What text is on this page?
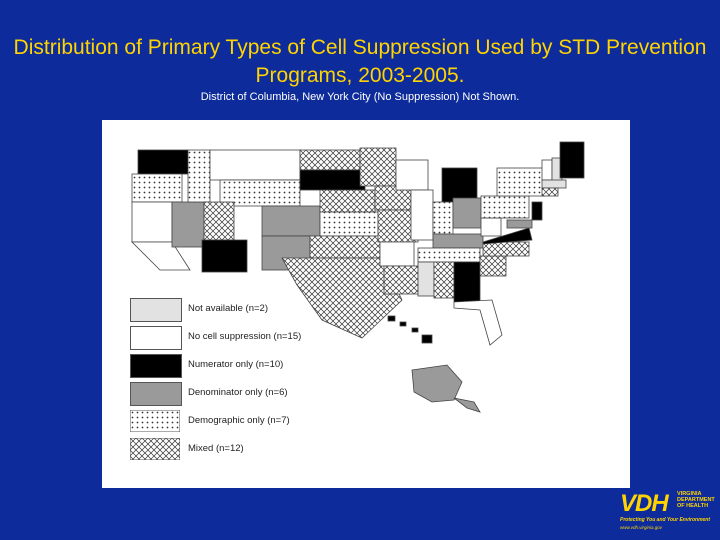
Distribution of Primary Types of Cell Suppression Used by STD Prevention Programs, 2003-2005.
District of Columbia, New York City (No Suppression) Not Shown.
Not available (n=2)
No cell suppression (n=15)
Numerator only (n=10)
Denominator only (n=6)
Demographic only (n=7)
Mixed (n=12)
VDH VIRGINIA DEPARTMENT OF HEALTH
Protecting You and Your Environment
www.vdh.virginia.gov
